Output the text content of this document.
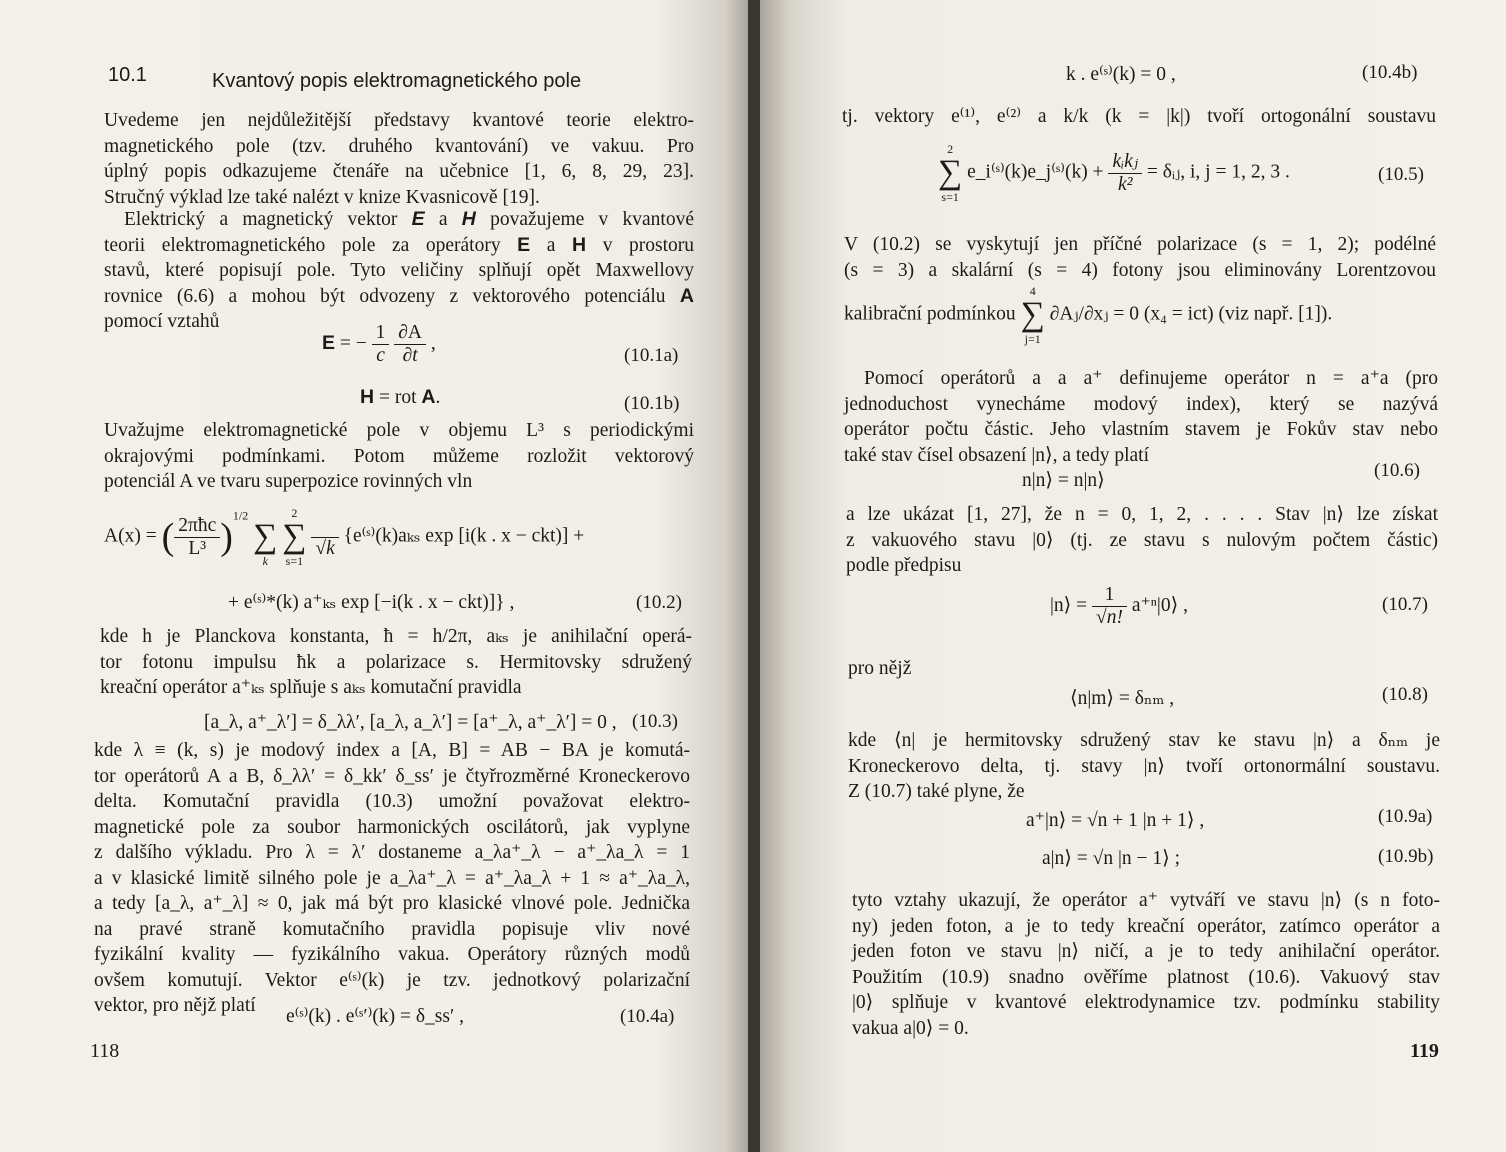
10.1	Kvantový popis elektromagnetického pole
Uvedeme jen nejdůležitější představy kvantové teorie elektro-
magnetického pole (tzv. druhého kvantování) ve vakuu. Pro
úplný popis odkazujeme čtenáře na učebnice [1, 6, 8, 29, 23].
Stručný výklad lze také nalézt v knize Kvasnicově [19].
Elektrický a magnetický vektor E a H považujeme v kvantové
teorii elektromagnetického pole za operátory E a H v prostoru
stavů, které popisují pole. Tyto veličiny splňují opět Maxwellovy
rovnice (6.6) a mohou být odvozeny z vektorového potenciálu A
pomocí vztahů
E = − $\frac{1}{c}$
$\frac{\partial A}{\partial t}$ ,
(10.1a)
H = rot A.	(10.1b)
Uvažujme elektromagnetické pole v objemu L³ s periodickými
okrajovými podmínkami. Potom můžeme rozložit vektorový
potenciál A ve tvaru superpozice rovinných vln
A(x) = ( $\frac{\text{2πħc}}{\text{L³}} )^{1/2}$

∑
k

2
∑
s=1

√k
{e⁽ˢ⁾(k)aₖₛ exp [i(k . x − ckt)] +
+ e⁽ˢ⁾*(k) a⁺ₖₛ exp [−i(k . x − ckt)]} ,	(10.2)
kde h je Planckova konstanta, ħ = h/2π, aₖₛ je anihilační operá-
tor fotonu impulsu ħk a polarizace s. Hermitovsky sdružený
kreační operátor a⁺ₖₛ splňuje s aₖₛ komutační pravidla
[a_λ, a⁺_λ′] = δ_λλ′, [a_λ, a_λ′] = [a⁺_λ, a⁺_λ′] = 0 , (10.3)
kde λ ≡ (k, s) je modový index a [A, B] = AB − BA je komutá-
tor operátorů A a B, δ_λλ′ = δ_kk′ δ_ss′ je čtyřrozměrné Kroneckerovo
delta. Komutační pravidla (10.3) umožní považovat elektro-
magnetické pole za soubor harmonických oscilátorů, jak vyplyne
z dalšího výkladu. Pro λ = λ′ dostaneme a_λa⁺_λ − a⁺_λa_λ = 1
a v klasické limitě silného pole je a_λa⁺_λ = a⁺_λa_λ + 1 ≈ a⁺_λa_λ,
a tedy [a_λ, a⁺_λ] ≈ 0, jak má být pro klasické vlnové pole. Jednička
na pravé straně komutačního pravidla popisuje vliv nové
fyzikální kvality — fyzikálního vakua. Operátory různých modů
ovšem komutují. Vektor e⁽ˢ⁾(k) je tzv. jednotkový polarizační
vektor, pro nějž platí
e⁽ˢ⁾(k) . e⁽ˢ′⁾(k) = δ_ss′ ,	(10.4a)
118
k . e⁽ˢ⁾(k) = 0 ,	(10.4b)
tj. vektory e⁽¹⁾, e⁽²⁾ a k/k (k = |k|) tvoří ortogonální soustavu
2
∑
s=1
e_i⁽ˢ⁾(k)e_j⁽ˢ⁾(k) + $\frac{\text{kᵢkⱼ}}{\text{k²}}$ = δᵢⱼ, i, j = 1, 2, 3 .	(10.5)
V (10.2) se vyskytují jen příčné polarizace (s = 1, 2); podélné
(s = 3) a skalární (s = 4) fotony jsou eliminovány Lorentzovou
kalibrační podmínkou
4
∑
j=1
∂Aⱼ/∂xⱼ = 0 (x₄ = ict) (viz např. [1]).
Pomocí operátorů a a a⁺ definujeme operátor n = a⁺a (pro
jednoduchost vynecháme modový index), který se nazývá
operátor počtu částic. Jeho vlastním stavem je Fokův stav nebo
také stav čísel obsazení |n⟩, a tedy platí
n|n⟩ = n|n⟩	(10.6)
a lze ukázat [1, 27], že n = 0, 1, 2, . . . . Stav |n⟩ lze získat
z vakuového stavu |0⟩ (tj. ze stavu s nulovým počtem částic)
podle předpisu
|n⟩ = $\frac{1}{√n!}$ a⁺ⁿ|0⟩ ,	(10.7)
pro nějž
⟨n|m⟩ = δₙₘ ,	(10.8)
kde ⟨n| je hermitovsky sdružený stav ke stavu |n⟩ a δₙₘ je
Kroneckerovo delta, tj. stavy |n⟩ tvoří ortonormální soustavu.
Z (10.7) také plyne, že
a⁺|n⟩ = √n + 1 |n + 1⟩ ,	(10.9a)
a|n⟩ = √n |n − 1⟩ ;	(10.9b)
tyto vztahy ukazují, že operátor a⁺ vytváří ve stavu |n⟩ (s n foto-
ny) jeden foton, a je to tedy kreační operátor, zatímco operátor a
jeden foton ve stavu |n⟩ ničí, a je to tedy anihilační operátor.
Použitím (10.9) snadno ověříme platnost (10.6). Vakuový stav
|0⟩ splňuje v kvantové elektrodynamice tzv. podmínku stability
vakua a|0⟩ = 0.
119
